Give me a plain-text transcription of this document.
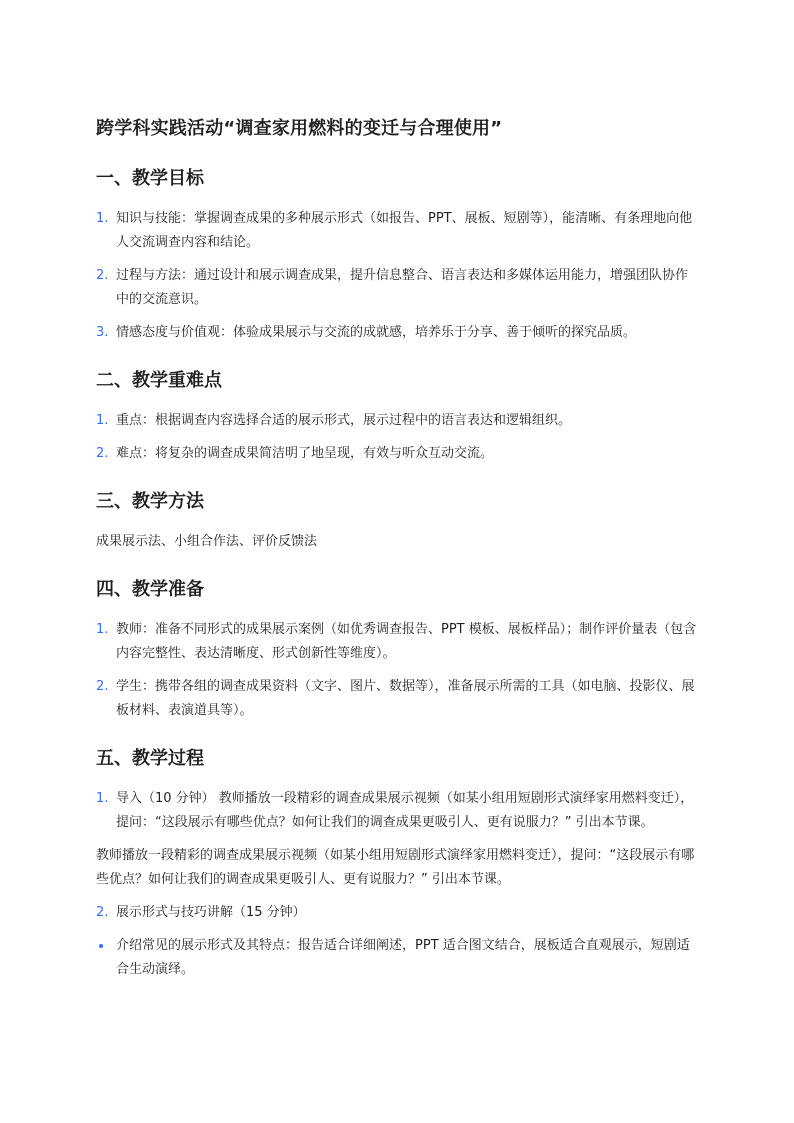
跨学科实践活动“调查家用燃料的变迁与合理使用”
一、教学目标
1. 知识与技能：掌握调查成果的多种展示形式（如报告、PPT、展板、短剧等），能清晰、有条理地向他人交流调查内容和结论。
2. 过程与方法：通过设计和展示调查成果，提升信息整合、语言表达和多媒体运用能力，增强团队协作中的交流意识。
3. 情感态度与价值观：体验成果展示与交流的成就感，培养乐于分享、善于倾听的探究品质。
二、教学重难点
1. 重点：根据调查内容选择合适的展示形式，展示过程中的语言表达和逻辑组织。
2. 难点：将复杂的调查成果简洁明了地呈现，有效与听众互动交流。
三、教学方法

成果展示法、小组合作法、评价反馈法

四、教学准备
1. 教师：准备不同形式的成果展示案例（如优秀调查报告、PPT 模板、展板样品）；制作评价量表（包含内容完整性、表达清晰度、形式创新性等维度）。
2. 学生：携带各组的调查成果资料（文字、图片、数据等），准备展示所需的工具（如电脑、投影仪、展板材料、表演道具等）。
五、教学过程
1. 导入（10 分钟） 教师播放一段精彩的调查成果展示视频（如某小组用短剧形式演绎家用燃料变迁），提问：“这段展示有哪些优点？如何让我们的调查成果更吸引人、更有说服力？” 引出本节课。

教师播放一段精彩的调查成果展示视频（如某小组用短剧形式演绎家用燃料变迁），提问：“这段展示有哪些优点？如何让我们的调查成果更吸引人、更有说服力？” 引出本节课。

2. 展示形式与技巧讲解（15 分钟）
介绍常见的展示形式及其特点：报告适合详细阐述，PPT 适合图文结合，展板适合直观展示，短剧适合生动演绎。
